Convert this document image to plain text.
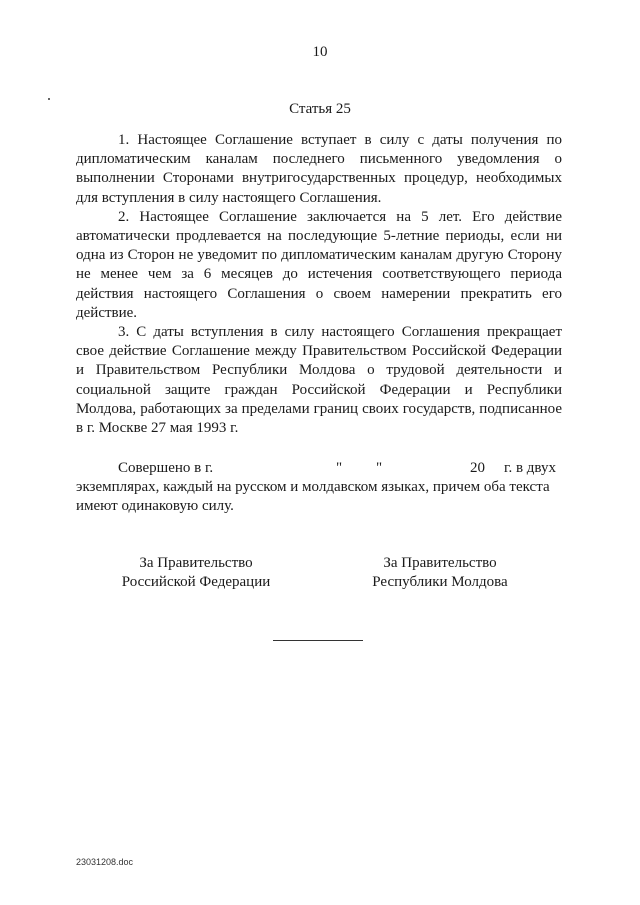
10
Статья 25

1. Настоящее Соглашение вступает в силу с даты получения по дипломатическим каналам последнего письменного уведомления о выполнении Сторонами внутригосударственных процедур, необходимых для вступления в силу настоящего Соглашения.

2. Настоящее Соглашение заключается на 5 лет. Его действие автоматически продлевается на последующие 5-летние периоды, если ни одна из Сторон не уведомит по дипломатическим каналам другую Сторону не менее чем за 6 месяцев до истечения соответствующего периода действия настоящего Соглашения о своем намерении прекратить его действие.

3. С даты вступления в силу настоящего Соглашения прекращает свое действие Соглашение между Правительством Российской Федерации и Правительством Республики Молдова о трудовой деятельности и социальной защите граждан Российской Федерации и Республики Молдова, работающих за пределами границ своих государств, подписанное в г. Москве 27 мая 1993 г.

Совершено в г.	" "	20 г. в двух
экземплярах, каждый на русском и молдавском языках, причем оба текста
имеют одинаковую силу.
За Правительство
Российской Федерации
За Правительство
Республики Молдова
23031208.doc
